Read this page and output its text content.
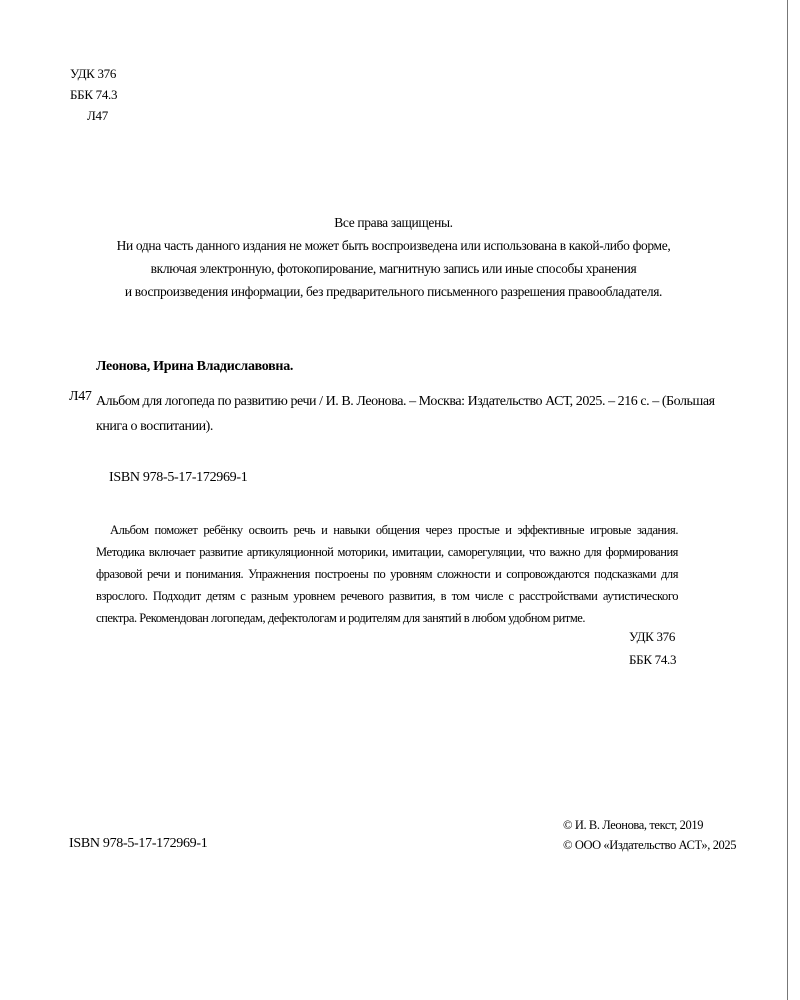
УДК 376
ББК 74.3
Л47
Все права защищены.
Ни одна часть данного издания не может быть воспроизведена или использована в какой-либо форме,
включая электронную, фотокопирование, магнитную запись или иные способы хранения
и воспроизведения информации, без предварительного письменного разрешения правообладателя.
Леонова, Ирина Владиславовна.
Л47 Альбом для логопеда по развитию речи / И. В. Леонова. – Москва: Издательство АСТ, 2025. – 216 с. – (Большая книга о воспитании).
ISBN 978-5-17-172969-1

Альбом поможет ребёнку освоить речь и навыки общения через простые и эффективные игровые задания. Методика включает развитие артикуляционной моторики, имитации, саморегуляции, что важно для формирования фразовой речи и понимания. Упражнения построены по уровням сложности и сопровождаются подсказками для взрослого. Подходит детям с разным уровнем речевого развития, в том числе с расстройствами аутистического спектра. Рекомендован логопедам, дефектологам и родителям для занятий в любом удобном ритме.

УДК 376
ББК 74.3
ISBN 978-5-17-172969-1
© И. В. Леонова, текст, 2019
© ООО «Издательство АСТ», 2025
